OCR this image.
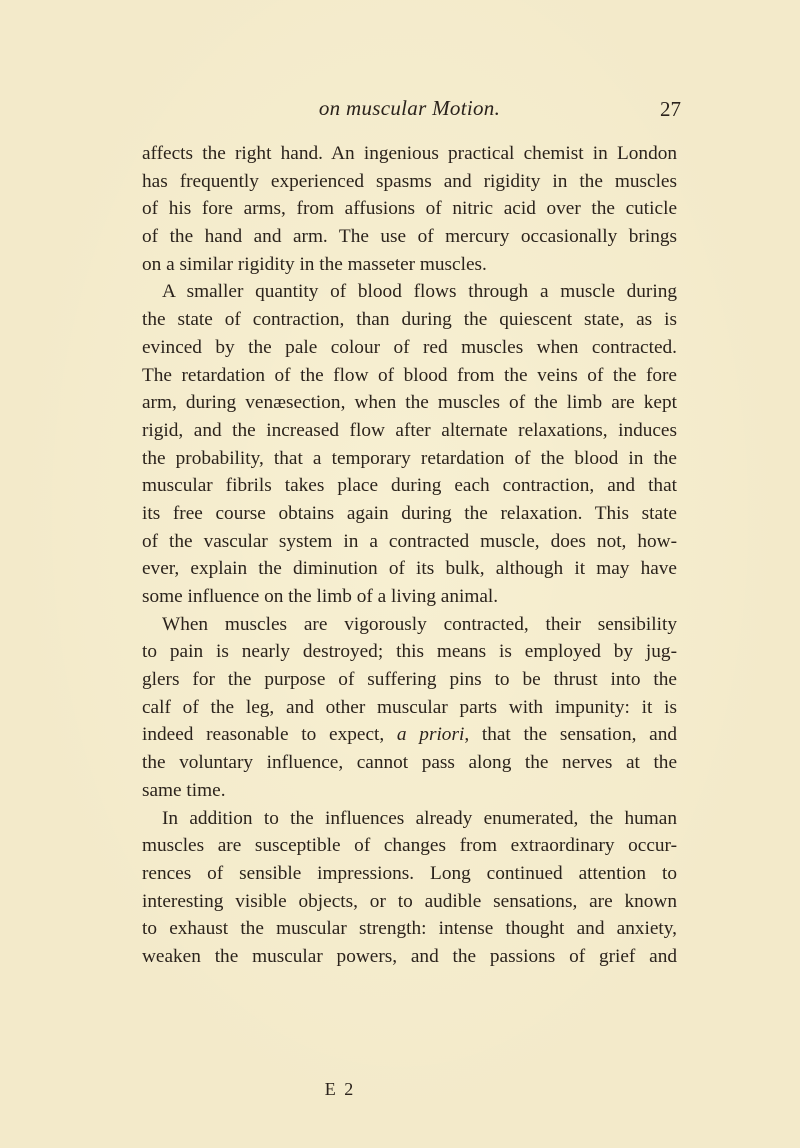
on muscular Motion.	27
affects the right hand. An ingenious practical chemist in London
has frequently experienced spasms and rigidity in the muscles
of his fore arms, from affusions of nitric acid over the cuticle
of the hand and arm. The use of mercury occasionally brings
on a similar rigidity in the masseter muscles.
A smaller quantity of blood flows through a muscle during
the state of contraction, than during the quiescent state, as is
evinced by the pale colour of red muscles when contracted.
The retardation of the flow of blood from the veins of the fore
arm, during venæsection, when the muscles of the limb are kept
rigid, and the increased flow after alternate relaxations, induces
the probability, that a temporary retardation of the blood in the
muscular fibrils takes place during each contraction, and that
its free course obtains again during the relaxation. This state
of the vascular system in a contracted muscle, does not, how-
ever, explain the diminution of its bulk, although it may have
some influence on the limb of a living animal.
When muscles are vigorously contracted, their sensibility
to pain is nearly destroyed; this means is employed by jug-
glers for the purpose of suffering pins to be thrust into the
calf of the leg, and other muscular parts with impunity: it is
indeed reasonable to expect, a priori, that the sensation, and
the voluntary influence, cannot pass along the nerves at the
same time.
In addition to the influences already enumerated, the human
muscles are susceptible of changes from extraordinary occur-
rences of sensible impressions. Long continued attention to
interesting visible objects, or to audible sensations, are known
to exhaust the muscular strength: intense thought and anxiety,
weaken the muscular powers, and the passions of grief and
E 2
